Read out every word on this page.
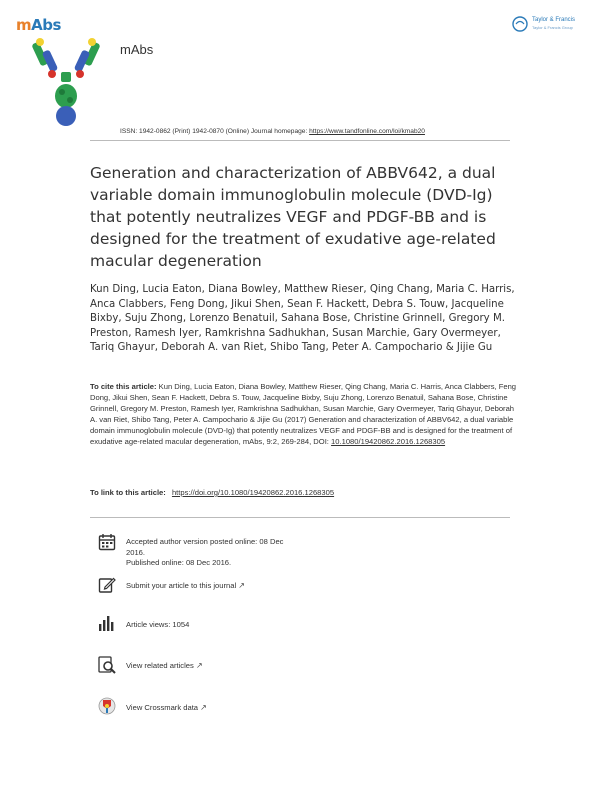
mAbs
mAbs
Taylor & Francis
Taylor & Francis Group
ISSN: 1942-0862 (Print) 1942-0870 (Online) Journal homepage: https://www.tandfonline.com/loi/kmab20
Generation and characterization of ABBV642, a dual variable domain immunoglobulin molecule (DVD-Ig) that potently neutralizes VEGF and PDGF-BB and is designed for the treatment of exudative age-related macular degeneration

Kun Ding, Lucia Eaton, Diana Bowley, Matthew Rieser, Qing Chang, Maria C. Harris, Anca Clabbers, Feng Dong, Jikui Shen, Sean F. Hackett, Debra S. Touw, Jacqueline Bixby, Suju Zhong, Lorenzo Benatuil, Sahana Bose, Christine Grinnell, Gregory M. Preston, Ramesh Iyer, Ramkrishna Sadhukhan, Susan Marchie, Gary Overmeyer, Tariq Ghayur, Deborah A. van Riet, Shibo Tang, Peter A. Campochario & Jijie Gu

To cite this article: Kun Ding, Lucia Eaton, Diana Bowley, Matthew Rieser, Qing Chang, Maria C. Harris, Anca Clabbers, Feng Dong, Jikui Shen, Sean F. Hackett, Debra S. Touw, Jacqueline Bixby, Suju Zhong, Lorenzo Benatuil, Sahana Bose, Christine Grinnell, Gregory M. Preston, Ramesh Iyer, Ramkrishna Sadhukhan, Susan Marchie, Gary Overmeyer, Tariq Ghayur, Deborah A. van Riet, Shibo Tang, Peter A. Campochario & Jijie Gu (2017) Generation and characterization of ABBV642, a dual variable domain immunoglobulin molecule (DVD-Ig) that potently neutralizes VEGF and PDGF-BB and is designed for the treatment of exudative age-related macular degeneration, mAbs, 9:2, 269-284, DOI: 10.1080/19420862.2016.1268305

To link to this article: https://doi.org/10.1080/19420862.2016.1268305
Accepted author version posted online: 08 Dec 2016.
Published online: 08 Dec 2016.
Submit your article to this journal ↗
Article views: 1054
View related articles ↗
View Crossmark data ↗
